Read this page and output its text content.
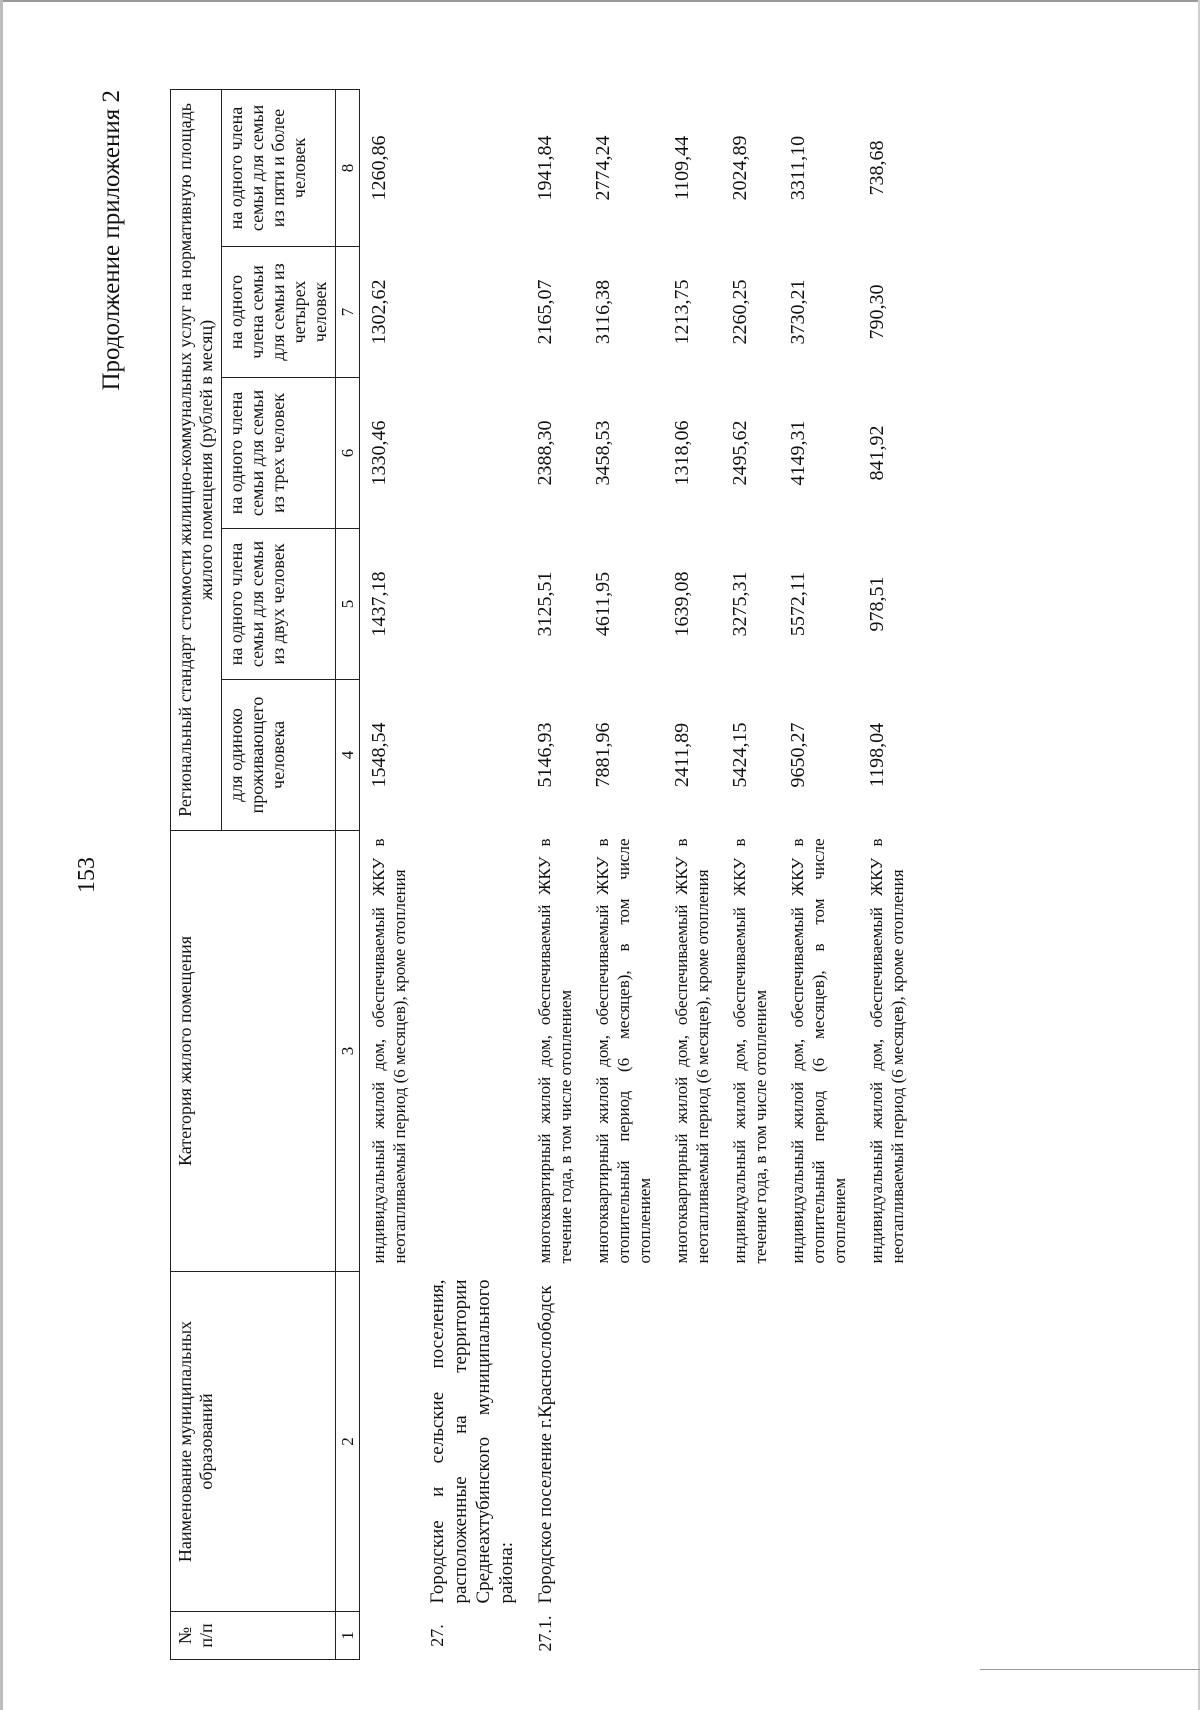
153
Продолжение приложения 2
№ п/п	Наименование муниципальных образований	Категория жилого помещения	Региональный стандарт стоимости жилищно-коммунальных услуг на нормативную площадь жилого помещения (рублей в месяц)				
			для одиноко проживающего человека	на одного члена семьи для семьи из двух человек	на одного члена семьи для семьи из трех человек	на одного члена семьи для семьи из четырех человек	на одного члена семьи для семьи из пяти и более человек
1	2	3	4	5	6	7	8
		индивидуальный жилой дом, обеспечиваемый ЖКУ в неотапливаемый период (6 месяцев), кроме отопления	1548,54	1437,18	1330,46	1302,62	1260,86
27.	Городские и сельские поселения, расположенные на территории Среднеахтубинского муниципального района:						
27.1.	Городское поселение г.Краснослободск	многоквартирный жилой дом, обеспечиваемый ЖКУ в течение года, в том числе отоплением	5146,93	3125,51	2388,30	2165,07	1941,84
		многоквартирный жилой дом, обеспечиваемый ЖКУ в отопительный период (6 месяцев), в том числе отоплением	7881,96	4611,95	3458,53	3116,38	2774,24
		многоквартирный жилой дом, обеспечиваемый ЖКУ в неотапливаемый период (6 месяцев), кроме отопления	2411,89	1639,08	1318,06	1213,75	1109,44
		индивидуальный жилой дом, обеспечиваемый ЖКУ в течение года, в том числе отоплением	5424,15	3275,31	2495,62	2260,25	2024,89
		индивидуальный жилой дом, обеспечиваемый ЖКУ в отопительный период (6 месяцев), в том числе отоплением	9650,27	5572,11	4149,31	3730,21	3311,10
		индивидуальный жилой дом, обеспечиваемый ЖКУ в неотапливаемый период (6 месяцев), кроме отопления	1198,04	978,51	841,92	790,30	738,68
